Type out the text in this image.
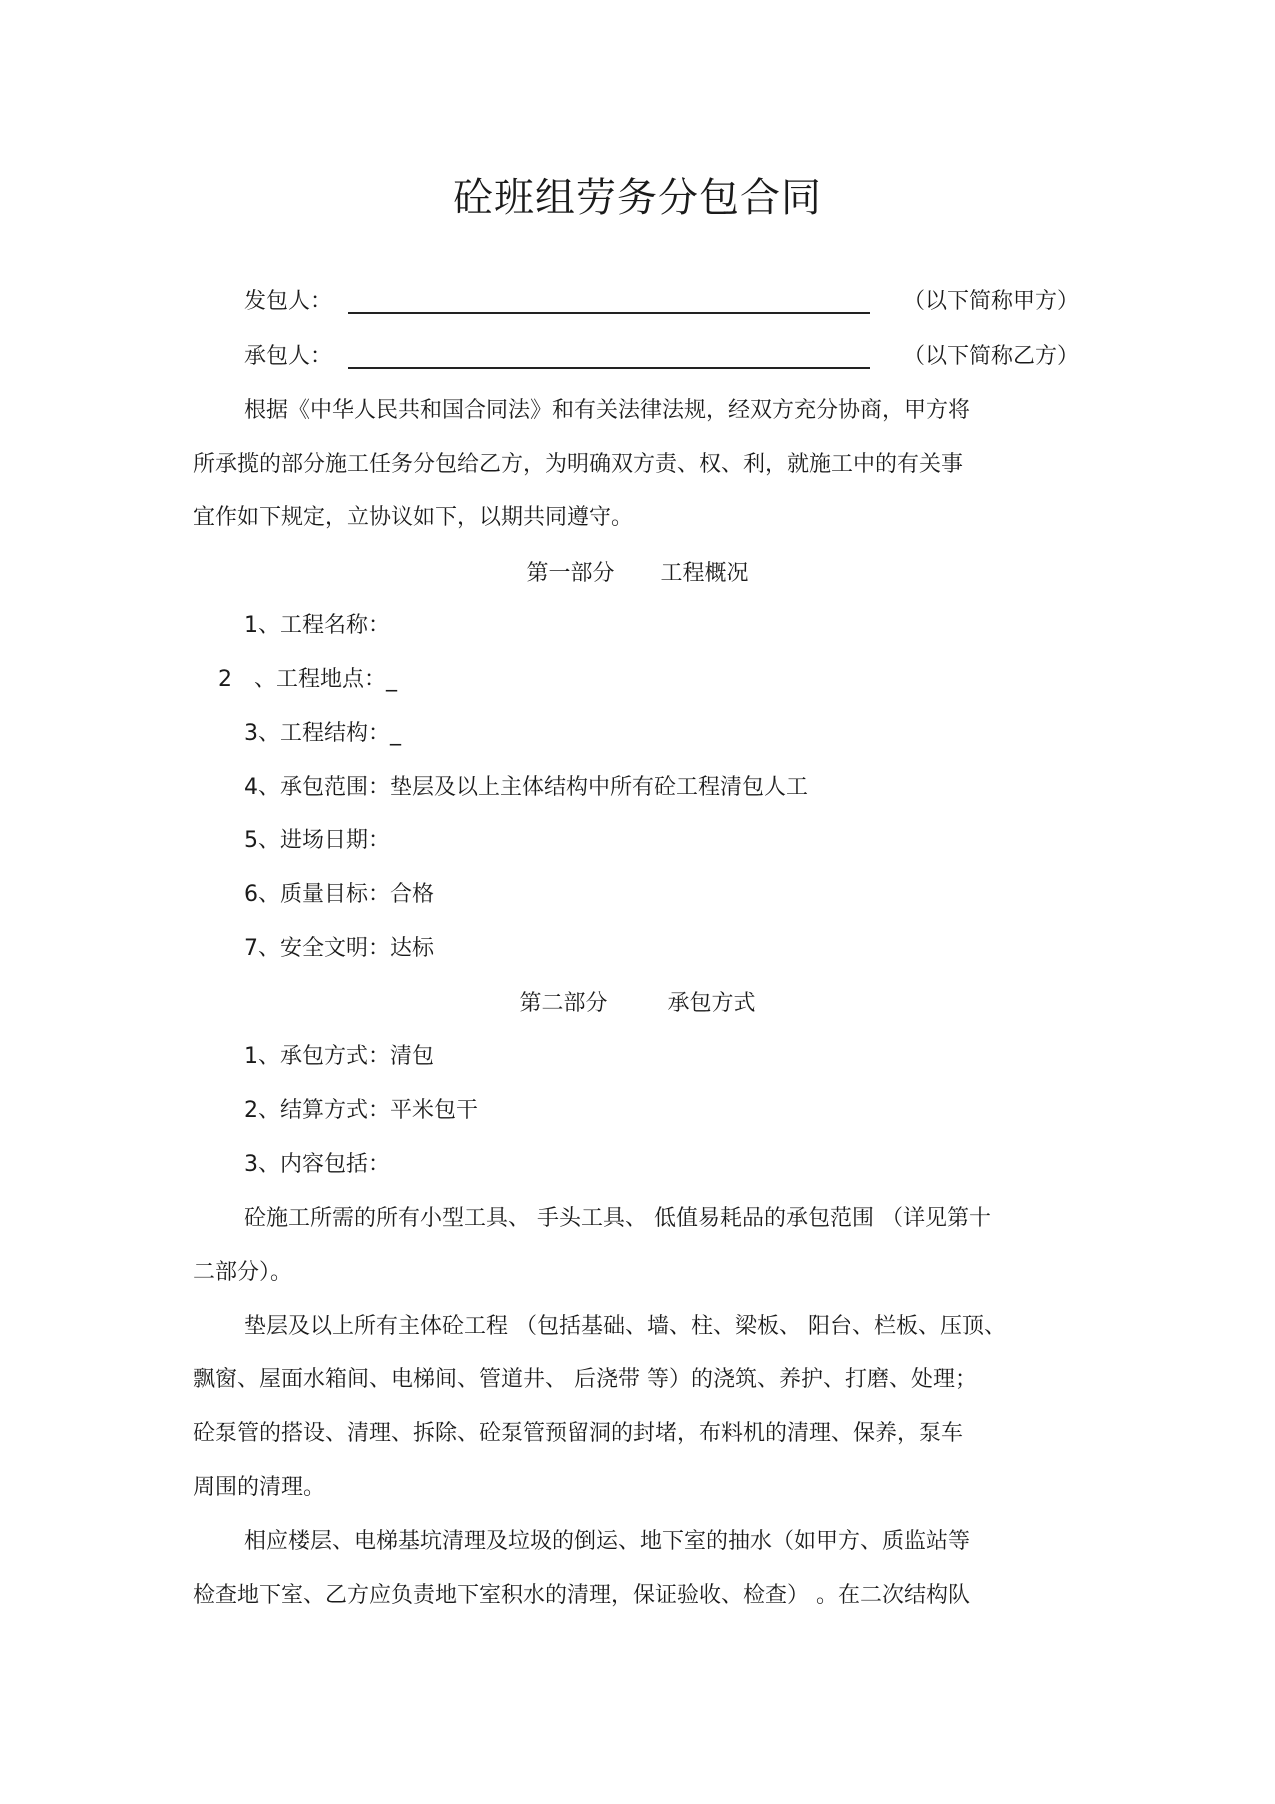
砼班组劳务分包合同
发包人：	（以下简称甲方）
承包人：	（以下简称乙方）
根据《中华人民共和国合同法》和有关法律法规，经双方充分协商，甲方将
所承揽的部分施工任务分包给乙方，为明确双方责、权、利，就施工中的有关事
宜作如下规定，立协议如下，以期共同遵守。
第一部分 工程概况
1、工程名称：
2 、工程地点：_
3、工程结构：_
4、承包范围：垫层及以上主体结构中所有砼工程清包人工
5、进场日期：
6、质量目标：合格
7、安全文明：达标
第二部分	承包方式
1、承包方式：清包
2、结算方式：平米包干
3、内容包括：
砼施工所需的所有小型工具、 手头工具、 低值易耗品的承包范围 （详见第十
二部分）。
垫层及以上所有主体砼工程 （包括基础、墙、柱、梁板、 阳台、栏板、压顶、
飘窗、屋面水箱间、电梯间、管道井、 后浇带 等）的浇筑、养护、打磨、处理；
砼泵管的搭设、清理、拆除、砼泵管预留洞的封堵，布料机的清理、保养，泵车
周围的清理。
相应楼层、电梯基坑清理及垃圾的倒运、地下室的抽水（如甲方、质监站等
检查地下室、乙方应负责地下室积水的清理，保证验收、检查） 。在二次结构队
